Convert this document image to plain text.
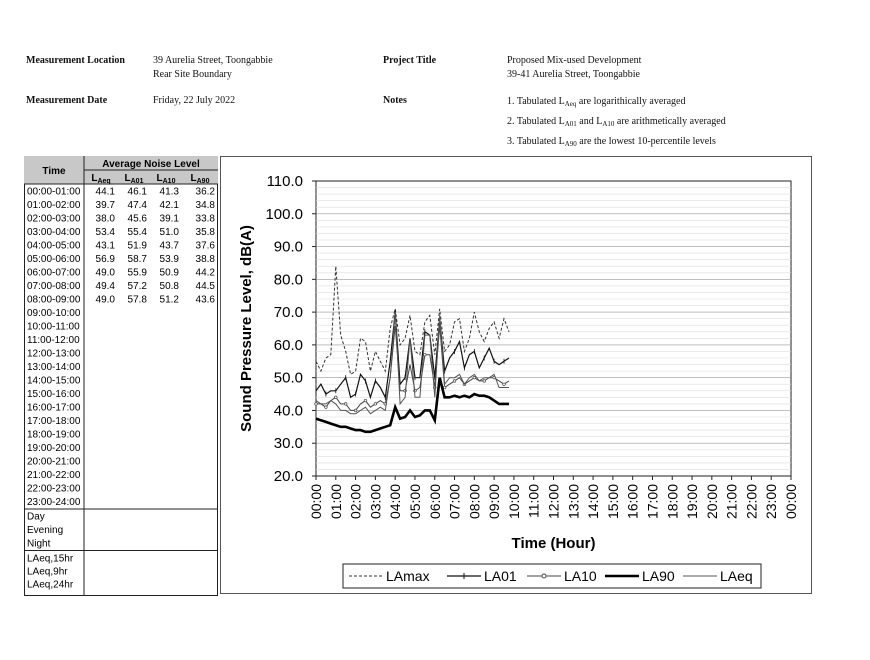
Measurement Location	39 Aurelia Street, Toongabbie
Rear Site Boundary
Measurement Date	Friday, 22 July 2022
Project Title	Proposed Mix-used Development
39-41 Aurelia Street, Toongabbie
Notes	1. Tabulated $L_{Aeq}$ are logarithically averaged
2. Tabulated $L_{A01}$ and $L_{A10}$ are arithmetically averaged
3. Tabulated $L_{A90}$ are the lowest 10-percentile levels
Time
Average Noise Level
$L_{Aeq}$ $L_{A01}$ $L_{A10}$ $L_{A90}$
00:00-01:00 44.1 46.1 41.3 36.2
01:00-02:00 39.7 47.4 42.1 34.8
02:00-03:00 38.0 45.6 39.1 33.8
03:00-04:00 53.4 55.4 51.0 35.8
04:00-05:00 43.1 51.9 43.7 37.6
05:00-06:00 56.9 58.7 53.9 38.8
06:00-07:00 49.0 55.9 50.9 44.2
07:00-08:00 49.4 57.2 50.8 44.5
08:00-09:00 49.0 57.8 51.2 43.6
09:00-10:00
10:00-11:00
11:00-12:00
12:00-13:00
13:00-14:00
14:00-15:00
15:00-16:00
16:00-17:00
17:00-18:00
18:00-19:00
19:00-20:00
20:00-21:00
21:00-22:00
22:00-23:00
23:00-24:00
Day
Evening
Night
LAeq,15hr
LAeq,9hr
LAeq,24hr
20.0
30.0
40.0
50.0
60.0
70.0
80.0
90.0
100.0
110.0
00:00 01:00 02:00 03:00 04:00 05:00 06:00 07:00 08:00 09:00 10:00 11:00 12:00 13:00 14:00 15:00 16:00 17:00 18:00 19:00 20:00 21:00 22:00 23:00 00:00
Time (Hour)
Sound Pressure Level, dB(A)
LAmax	LA01	LA10	LA90	LAeq
